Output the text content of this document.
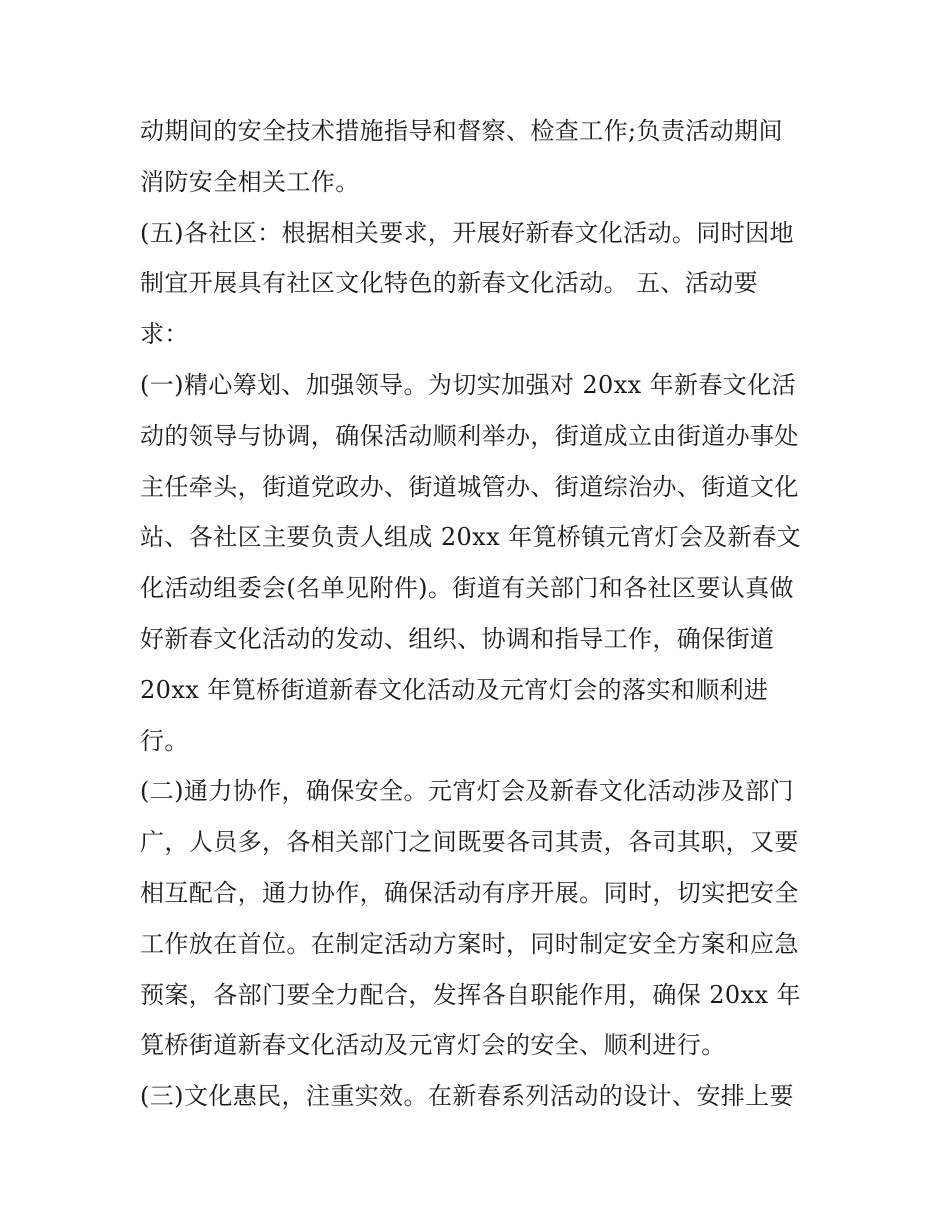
动期间的安全技术措施指导和督察、检查工作;负责活动期间
消防安全相关工作。
(五)各社区：根据相关要求，开展好新春文化活动。同时因地
制宜开展具有社区文化特色的新春文化活动。 五、活动要
求：
(一)精心筹划、加强领导。为切实加强对 20xx 年新春文化活
动的领导与协调，确保活动顺利举办，街道成立由街道办事处
主任牵头，街道党政办、街道城管办、街道综治办、街道文化
站、各社区主要负责人组成 20xx 年筧桥镇元宵灯会及新春文
化活动组委会(名单见附件)。街道有关部门和各社区要认真做
好新春文化活动的发动、组织、协调和指导工作，确保街道
20xx 年筧桥街道新春文化活动及元宵灯会的落实和顺利进
行。
(二)通力协作，确保安全。元宵灯会及新春文化活动涉及部门
广，人员多，各相关部门之间既要各司其责，各司其职，又要
相互配合，通力协作，确保活动有序开展。同时，切实把安全
工作放在首位。在制定活动方案时，同时制定安全方案和应急
预案，各部门要全力配合，发挥各自职能作用，确保 20xx 年
筧桥街道新春文化活动及元宵灯会的安全、顺利进行。
(三)文化惠民，注重实效。在新春系列活动的设计、安排上要
